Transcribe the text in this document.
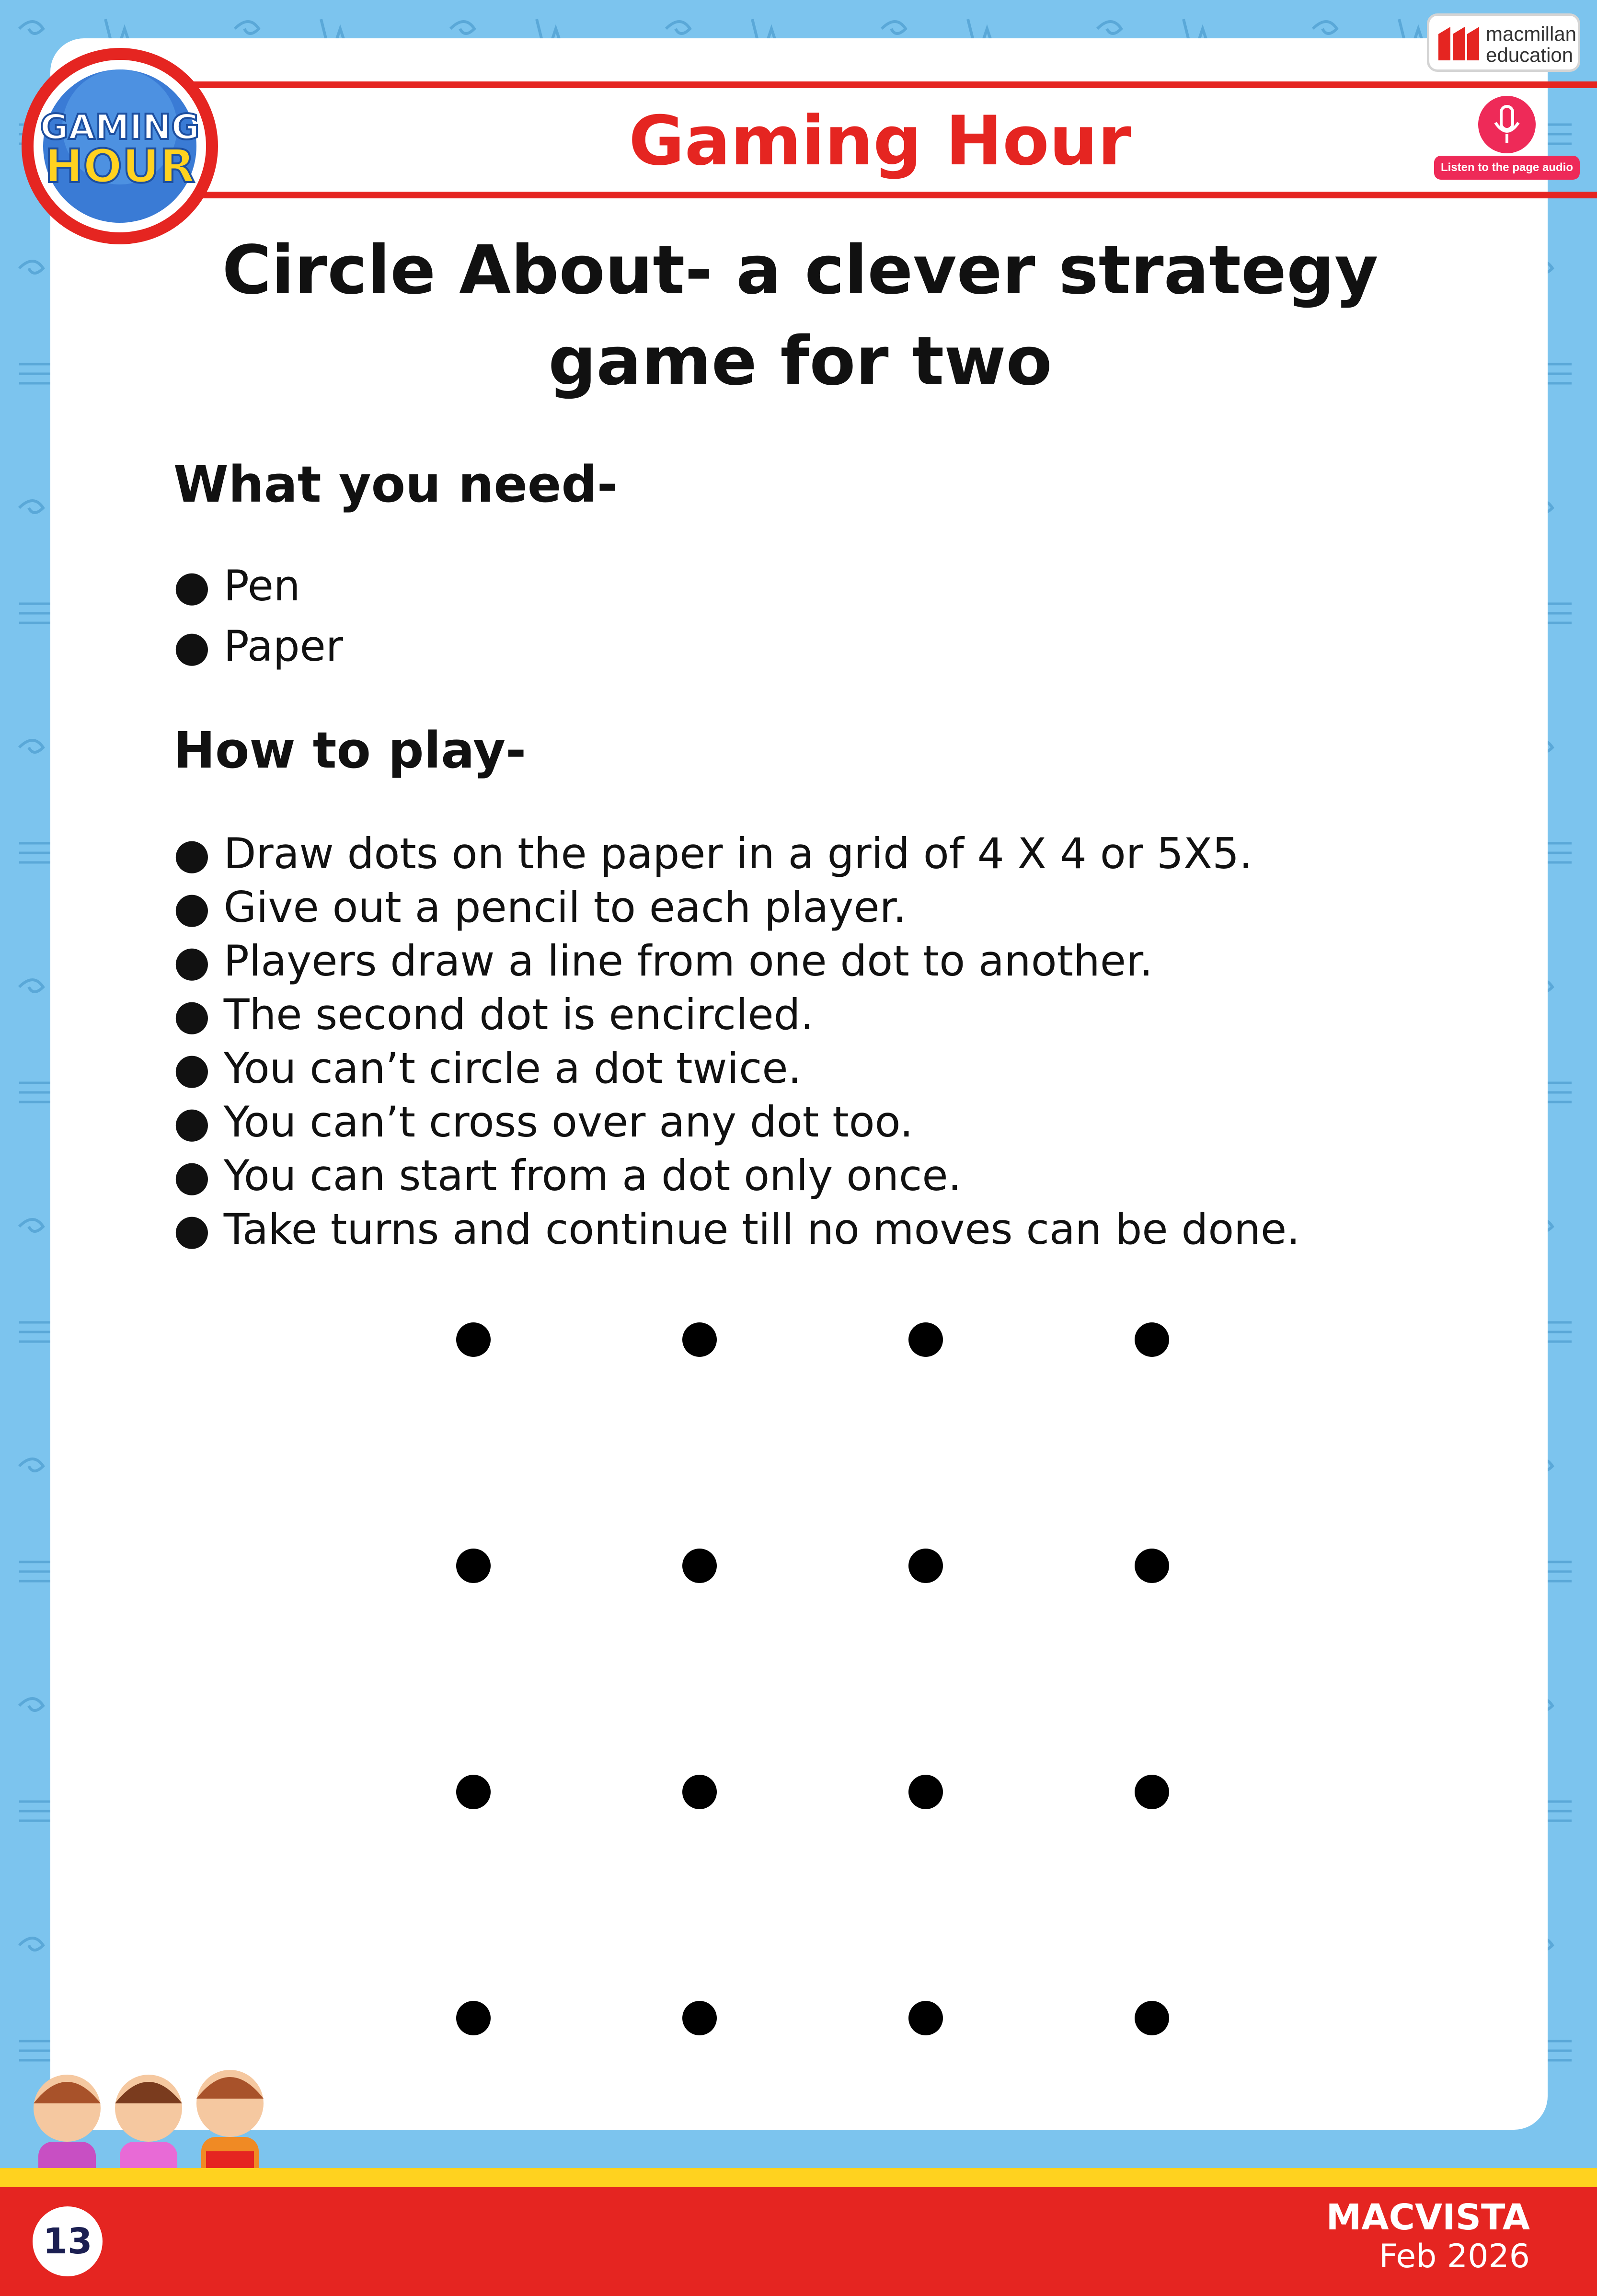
Gaming Hour
GAMING
HOUR
macmillan
education
Listen to the page audio
Circle About- a clever strategy
game for two
What you need-
● Pen
● Paper
How to play-
● Draw dots on the paper in a grid of 4 X 4 or 5X5.
● Give out a pencil to each player.
● Players draw a line from one dot to another.
● The second dot is encircled.
● You can’t circle a dot twice.
● You can’t cross over any dot too.
● You can start from a dot only once.
● Take turns and continue till no moves can be done.
13
MACVISTA
Feb 2026
